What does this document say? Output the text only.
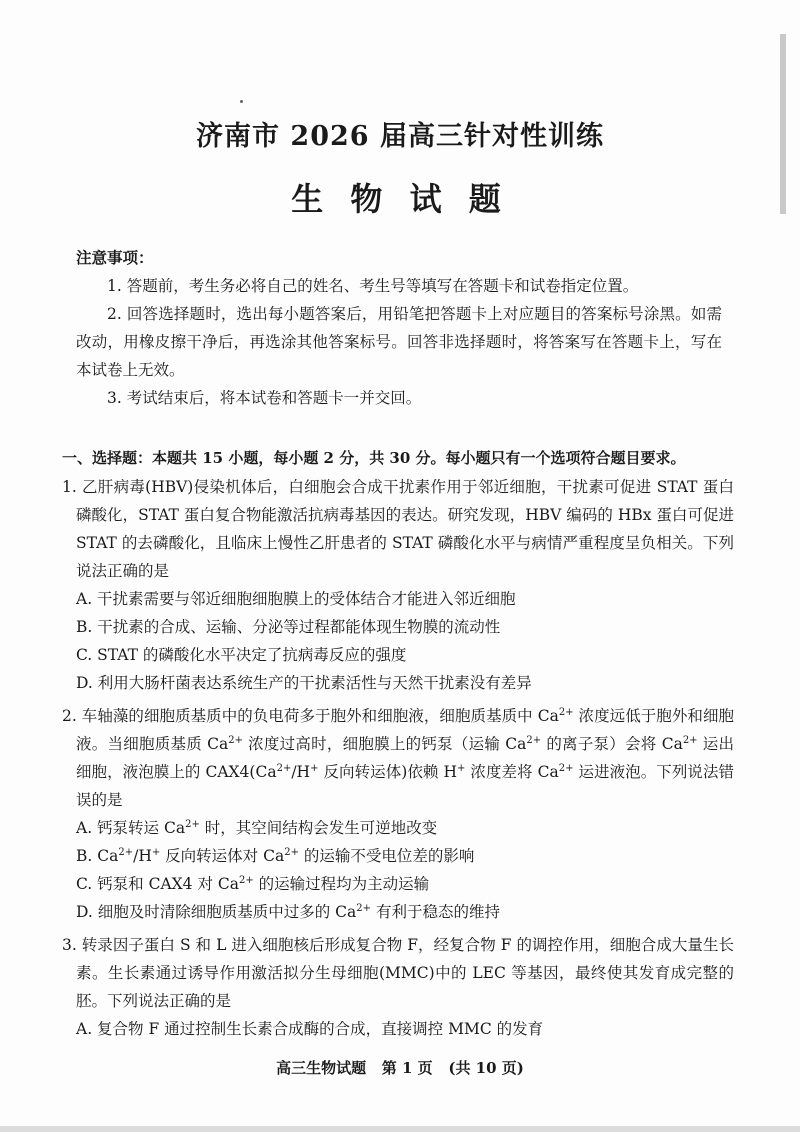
济南市 2026 届高三针对性训练
生 物 试 题

注意事项：

1. 答题前，考生务必将自己的姓名、考生号等填写在答题卡和试卷指定位置。

2. 回答选择题时，选出每小题答案后，用铅笔把答题卡上对应题目的答案标号涂黑。如需改动，用橡皮擦干净后，再选涂其他答案标号。回答非选择题时，将答案写在答题卡上，写在本试卷上无效。

3. 考试结束后，将本试卷和答题卡一并交回。

一、选择题：本题共 15 小题，每小题 2 分，共 30 分。每小题只有一个选项符合题目要求。

1. 乙肝病毒(HBV)侵染机体后，白细胞会合成干扰素作用于邻近细胞，干扰素可促进 STAT 蛋白磷酸化，STAT 蛋白复合物能激活抗病毒基因的表达。研究发现，HBV 编码的 HBx 蛋白可促进 STAT 的去磷酸化，且临床上慢性乙肝患者的 STAT 磷酸化水平与病情严重程度呈负相关。下列说法正确的是

A. 干扰素需要与邻近细胞细胞膜上的受体结合才能进入邻近细胞

B. 干扰素的合成、运输、分泌等过程都能体现生物膜的流动性

C. STAT 的磷酸化水平决定了抗病毒反应的强度

D. 利用大肠杆菌表达系统生产的干扰素活性与天然干扰素没有差异

2. 车轴藻的细胞质基质中的负电荷多于胞外和细胞液，细胞质基质中 $Ca^{2+}$ 浓度远低于胞外和细胞液。当细胞质基质 $Ca^{2+}$ 浓度过高时，细胞膜上的钙泵（运输 $Ca^{2+}$ 的离子泵）会将 $Ca^{2+}$ 运出细胞，液泡膜上的 $CAX4(Ca^{2+}/H^+$ 反向转运体)依赖 H+ 浓度差将 $Ca^{2+}$ 运进液泡。下列说法错误的是

A. 钙泵转运 $Ca^{2+}$ 时，其空间结构会发生可逆地改变

B. $Ca^{2+}/H^+$ 反向转运体对 $Ca^{2+}$ 的运输不受电位差的影响

C. 钙泵和 CAX4 对 $Ca^{2+}$ 的运输过程均为主动运输

D. 细胞及时清除细胞质基质中过多的 $Ca^{2+}$ 有利于稳态的维持

3. 转录因子蛋白 S 和 L 进入细胞核后形成复合物 F，经复合物 F 的调控作用，细胞合成大量生长素。生长素通过诱导作用激活拟分生母细胞(MMC)中的 LEC 等基因，最终使其发育成完整的胚。下列说法正确的是

A. 复合物 F 通过控制生长素合成酶的合成，直接调控 MMC 的发育

高三生物试题 第 1 页 (共 10 页)
